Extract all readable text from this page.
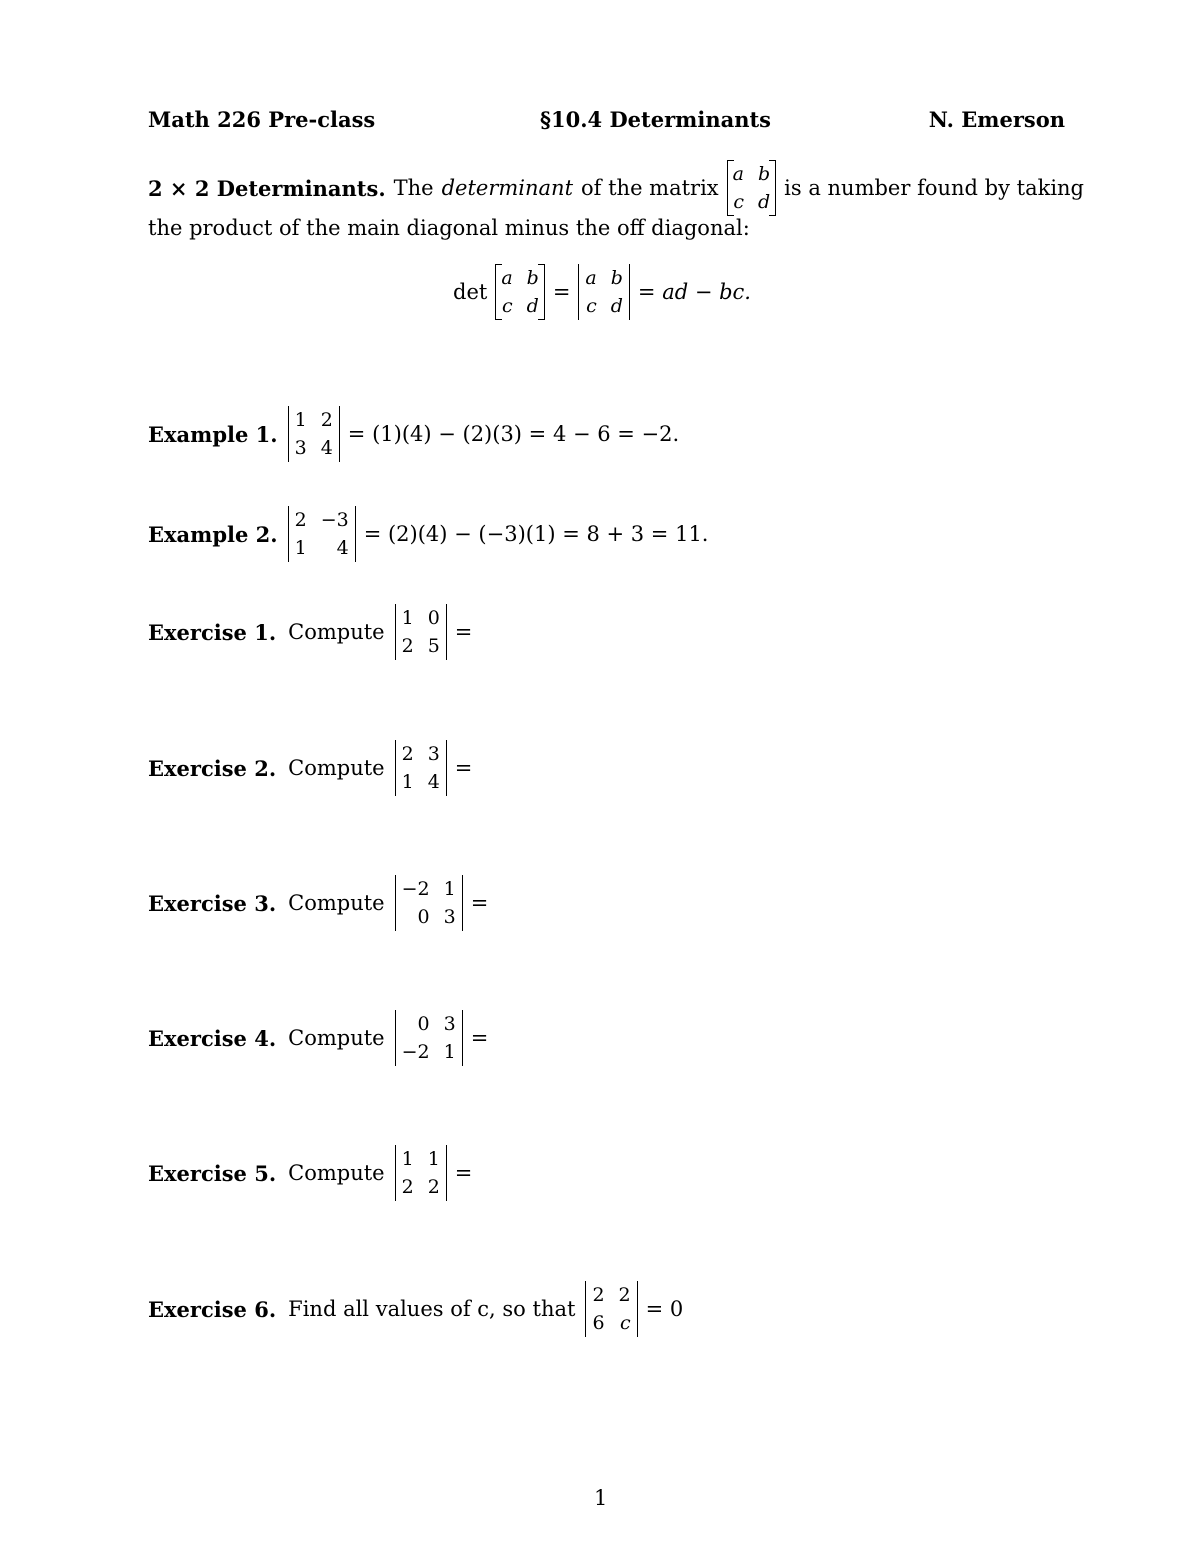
Math 226 Pre-class	§10.4 Determinants	N. Emerson
2 × 2 Determinants. The determinant of the matrix
a b
c d
is a number found by taking
the product of the main diagonal minus the off diagonal:
det
a b
c d
=
a b
c d
= ad − bc.
Example 1.
1 2
3 4
= (1)(4) − (2)(3) = 4 − 6 = −2.
Example 2.
2 −3
1	4
= (2)(4) − (−3)(1) = 8 + 3 = 11.
Exercise 1. Compute
1 0
2 5
=
Exercise 2. Compute
2 3
1 4
=
Exercise 3. Compute
−2 1
0 3
=
Exercise 4. Compute
0 3
−2 1
=
Exercise 5. Compute
1 1
2 2
=
Exercise 6. Find all values of c, so that
2 2
6 c
= 0
1
